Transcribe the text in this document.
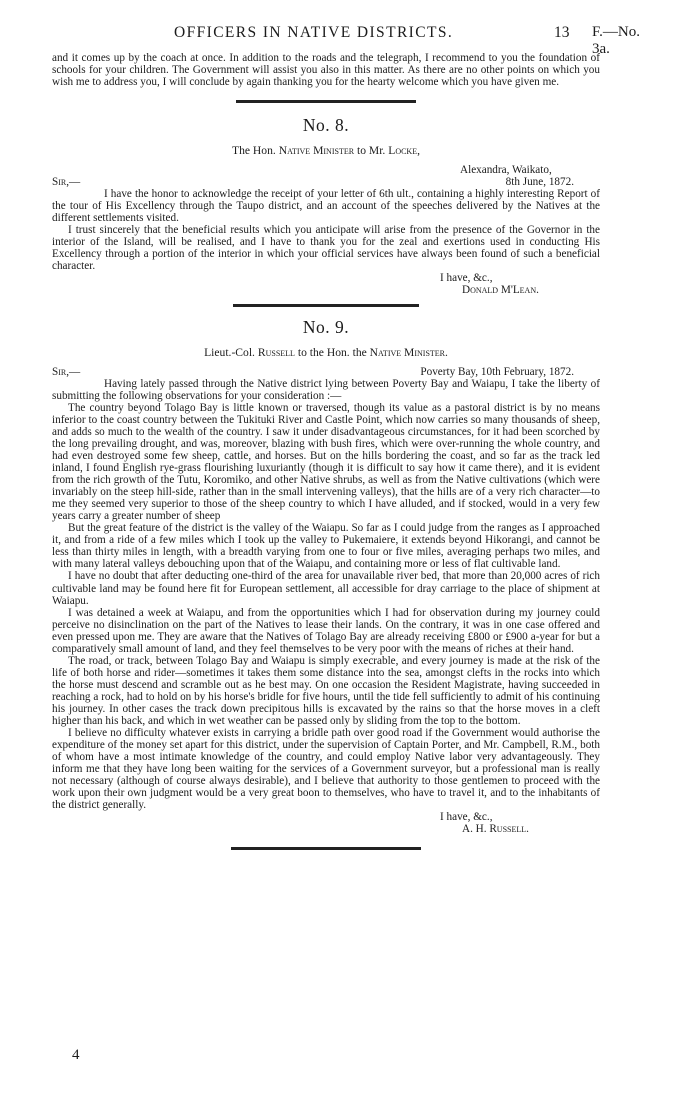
OFFICERS IN NATIVE DISTRICTS.	13 F.—No. 3a.

and it comes up by the coach at once. In addition to the roads and the telegraph, I recommend to you the foundation of schools for your children. The Government will assist you also in this matter. As there are no other points on which you wish me to address you, I will conclude by again thanking you for the hearty welcome which you have given me.

No. 8.
The Hon. Native Minister to Mr. Locke,
Alexandra, Waikato,
Sir,—	8th June, 1872.

I have the honor to acknowledge the receipt of your letter of 6th ult., containing a highly interesting Report of the tour of His Excellency through the Taupo district, and an account of the speeches delivered by the Natives at the different settlements visited.

I trust sincerely that the beneficial results which you anticipate will arise from the presence of the Governor in the interior of the Island, will be realised, and I have to thank you for the zeal and exertions used in conducting His Excellency through a portion of the interior in which your official services have always been found of such a beneficial character.

I have, &c.,
Donald M'Lean.
No. 9.
Lieut.-Col. Russell to the Hon. the Native Minister.
Sir,—	Poverty Bay, 10th February, 1872.

Having lately passed through the Native district lying between Poverty Bay and Waiapu, I take the liberty of submitting the following observations for your consideration :—

The country beyond Tolago Bay is little known or traversed, though its value as a pastoral district is by no means inferior to the coast country between the Tukituki River and Castle Point, which now carries so many thousands of sheep, and adds so much to the wealth of the country. I saw it under disadvantageous circumstances, for it had been scorched by the long prevailing drought, and was, moreover, blazing with bush fires, which were over-running the whole country, and had even destroyed some few sheep, cattle, and horses. But on the hills bordering the coast, and so far as the track led inland, I found English rye-grass flourishing luxuriantly (though it is difficult to say how it came there), and it is evident from the rich growth of the Tutu, Koromiko, and other Native shrubs, as well as from the Native cultivations (which were invariably on the steep hill-side, rather than in the small intervening valleys), that the hills are of a very rich character—to me they seemed very superior to those of the sheep country to which I have alluded, and if stocked, would in a very few years carry a greater number of sheep

But the great feature of the district is the valley of the Waiapu. So far as I could judge from the ranges as I approached it, and from a ride of a few miles which I took up the valley to Pukemaiere, it extends beyond Hikorangi, and cannot be less than thirty miles in length, with a breadth varying from one to four or five miles, averaging perhaps two miles, and with many lateral valleys debouching upon that of the Waiapu, and containing more or less of flat cultivable land.

I have no doubt that after deducting one-third of the area for unavailable river bed, that more than 20,000 acres of rich cultivable land may be found here fit for European settlement, all accessible for dray carriage to the place of shipment at Waiapu.

I was detained a week at Waiapu, and from the opportunities which I had for observation during my journey could perceive no disinclination on the part of the Natives to lease their lands. On the contrary, it was in one case offered and even pressed upon me. They are aware that the Natives of Tolago Bay are already receiving £800 or £900 a-year for but a comparatively small amount of land, and they feel themselves to be very poor with the means of riches at their hand.

The road, or track, between Tolago Bay and Waiapu is simply execrable, and every journey is made at the risk of the life of both horse and rider—sometimes it takes them some distance into the sea, amongst clefts in the rocks into which the horse must descend and scramble out as he best may. On one occasion the Resident Magistrate, having succeeded in reaching a rock, had to hold on by his horse's bridle for five hours, until the tide fell sufficiently to admit of his continuing his journey. In other cases the track down precipitous hills is excavated by the rains so that the horse moves in a cleft higher than his back, and which in wet weather can be passed only by sliding from the top to the bottom.

I believe no difficulty whatever exists in carrying a bridle path over good road if the Government would authorise the expenditure of the money set apart for this district, under the supervision of Captain Porter, and Mr. Campbell, R.M., both of whom have a most intimate knowledge of the country, and could employ Native labor very advantageously. They inform me that they have long been waiting for the services of a Government surveyor, but a professional man is really not necessary (although of course always desirable), and I believe that authority to those gentlemen to proceed with the work upon their own judgment would be a very great boon to themselves, who have to travel it, and to the inhabitants of the district generally.

I have, &c.,
A. H. Russell.
4
